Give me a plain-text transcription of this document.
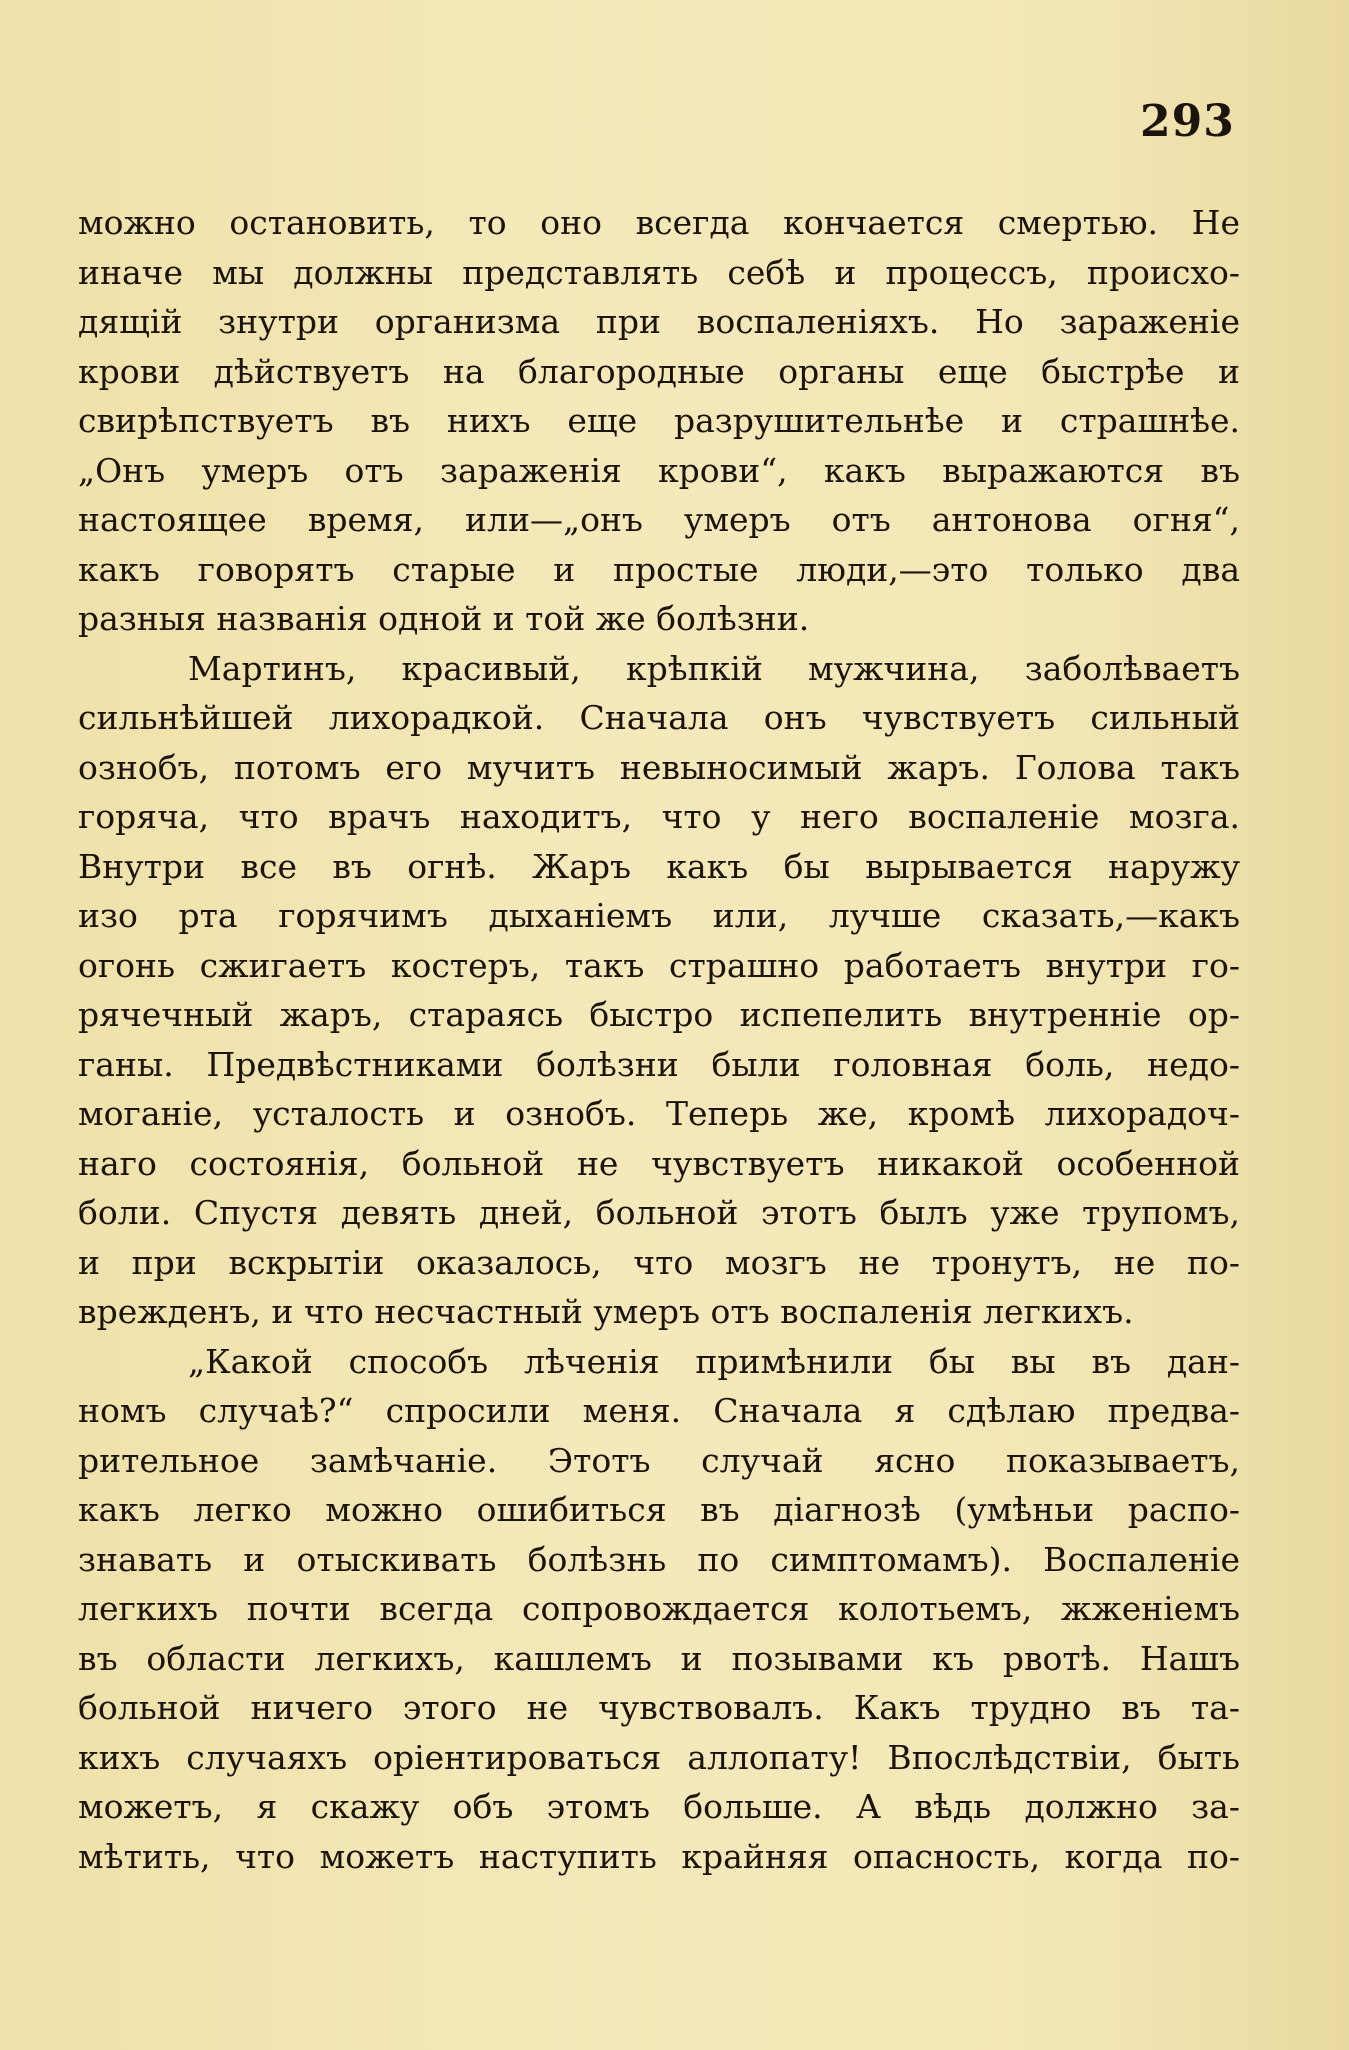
293
можно остановить, то оно всегда кончается смертью. Не
иначе мы должны представлять себѣ и процессъ, происхо-
дящій знутри организма при воспаленіяхъ. Но зараженіе
крови дѣйствуетъ на благородные органы еще быстрѣе и
свирѣпствуетъ въ нихъ еще разрушительнѣе и страшнѣе.
„Онъ умеръ отъ зараженія крови“, какъ выражаются въ
настоящее время, или—„онъ умеръ отъ антонова огня“,
какъ говорятъ старые и простые люди,—это только два
разныя названія одной и той же болѣзни.
Мартинъ, красивый, крѣпкій мужчина, заболѣваетъ
сильнѣйшей лихорадкой. Сначала онъ чувствуетъ сильный
ознобъ, потомъ его мучитъ невыносимый жаръ. Голова такъ
горяча, что врачъ находитъ, что у него воспаленіе мозга.
Внутри все въ огнѣ. Жаръ какъ бы вырывается наружу
изо рта горячимъ дыханіемъ или, лучше сказать,—какъ
огонь сжигаетъ костеръ, такъ страшно работаетъ внутри го-
рячечный жаръ, стараясь быстро испепелить внутренніе ор-
ганы. Предвѣстниками болѣзни были головная боль, недо-
моганіе, усталость и ознобъ. Теперь же, кромѣ лихорадоч-
наго состоянія, больной не чувствуетъ никакой особенной
боли. Спустя девять дней, больной этотъ былъ уже трупомъ,
и при вскрытіи оказалось, что мозгъ не тронутъ, не по-
врежденъ, и что несчастный умеръ отъ воспаленія легкихъ.
„Какой способъ лѣченія примѣнили бы вы въ дан-
номъ случаѣ?“ спросили меня. Сначала я сдѣлаю предва-
рительное замѣчаніе. Этотъ случай ясно показываетъ,
какъ легко можно ошибиться въ діагнозѣ (умѣньи распо-
знавать и отыскивать болѣзнь по симптомамъ). Воспаленіе
легкихъ почти всегда сопровождается колотьемъ, жженіемъ
въ области легкихъ, кашлемъ и позывами къ рвотѣ. Нашъ
больной ничего этого не чувствовалъ. Какъ трудно въ та-
кихъ случаяхъ оріентироваться аллопату! Впослѣдствіи, быть
можетъ, я скажу объ этомъ больше. А вѣдь должно за-
мѣтить, что можетъ наступить крайняя опасность, когда по-
